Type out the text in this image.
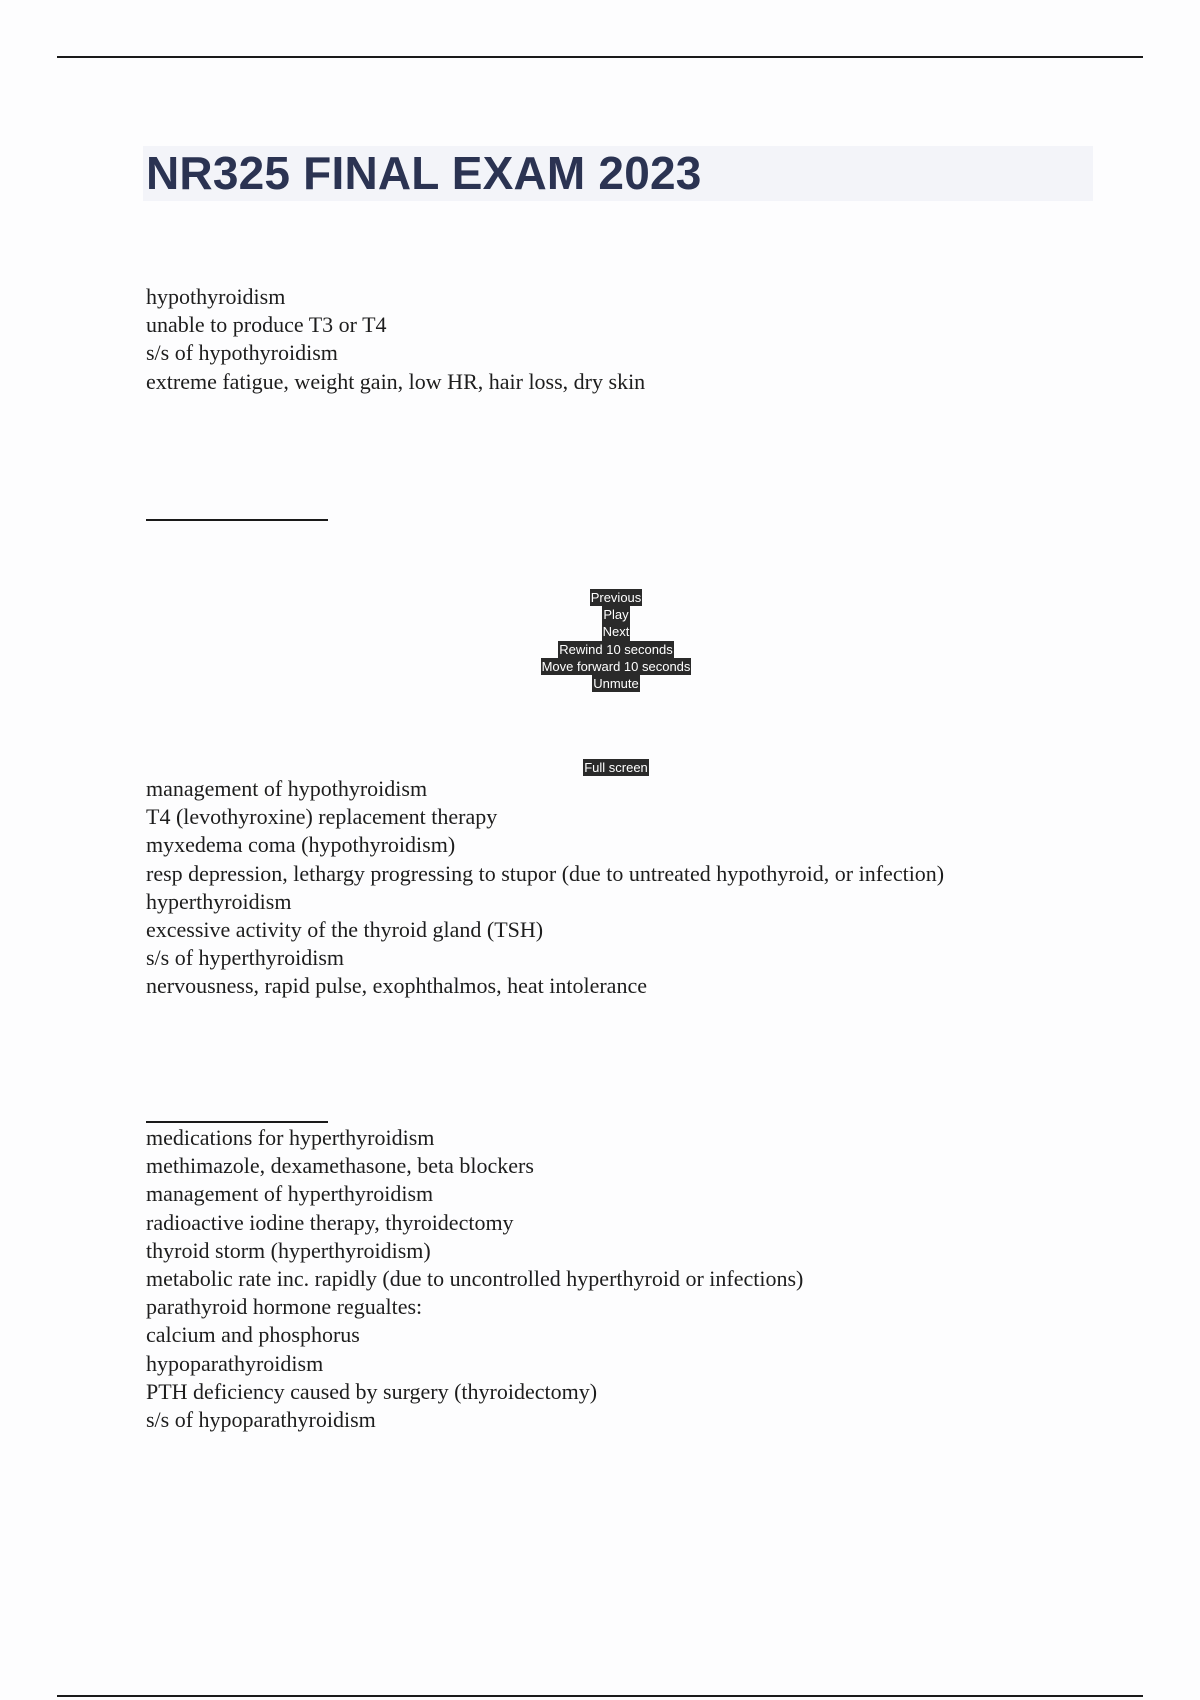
NR325 FINAL EXAM 2023
hypothyroidism
unable to produce T3 or T4
s/s of hypothyroidism
extreme fatigue, weight gain, low HR, hair loss, dry skin
Previous
Play
Next
Rewind 10 seconds
Move forward 10 seconds
Unmute
Full screen
management of hypothyroidism
T4 (levothyroxine) replacement therapy
myxedema coma (hypothyroidism)
resp depression, lethargy progressing to stupor (due to untreated hypothyroid, or infection)
hyperthyroidism
excessive activity of the thyroid gland (TSH)
s/s of hyperthyroidism
nervousness, rapid pulse, exophthalmos, heat intolerance
medications for hyperthyroidism
methimazole, dexamethasone, beta blockers
management of hyperthyroidism
radioactive iodine therapy, thyroidectomy
thyroid storm (hyperthyroidism)
metabolic rate inc. rapidly (due to uncontrolled hyperthyroid or infections)
parathyroid hormone regualtes:
calcium and phosphorus
hypoparathyroidism
PTH deficiency caused by surgery (thyroidectomy)
s/s of hypoparathyroidism
